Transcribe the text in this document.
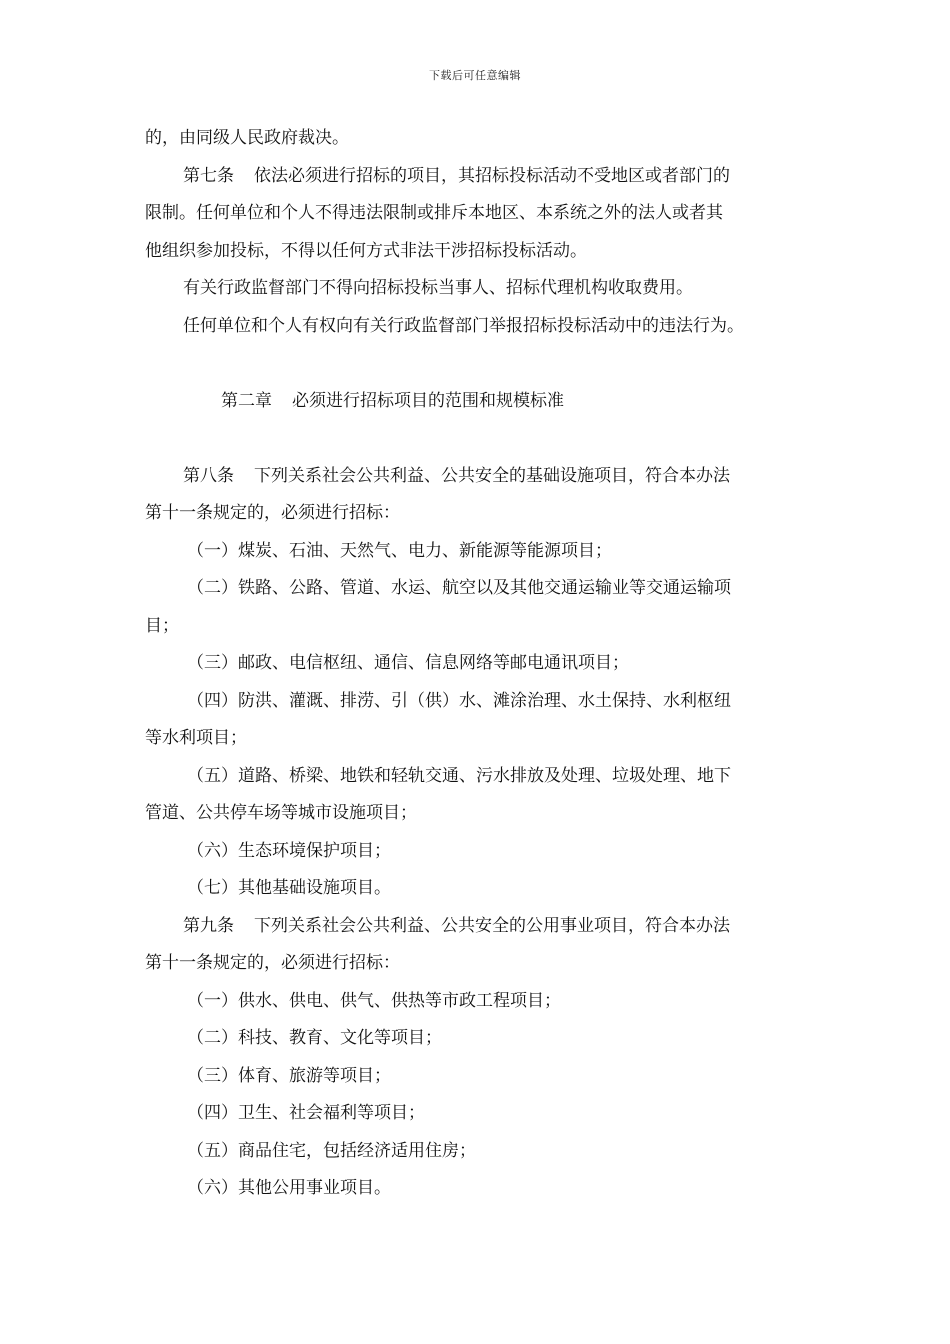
下载后可任意编辑

的，由同级人民政府裁决。

第七条 依法必须进行招标的项目，其招标投标活动不受地区或者部门的
限制。任何单位和个人不得违法限制或排斥本地区、本系统之外的法人或者其
他组织参加投标，不得以任何方式非法干涉招标投标活动。

有关行政监督部门不得向招标投标当事人、招标代理机构收取费用。

任何单位和个人有权向有关行政监督部门举报招标投标活动中的违法行为。

第二章 必须进行招标项目的范围和规模标准

第八条 下列关系社会公共利益、公共安全的基础设施项目，符合本办法
第十一条规定的，必须进行招标：

（一）煤炭、石油、天然气、电力、新能源等能源项目；

（二）铁路、公路、管道、水运、航空以及其他交通运输业等交通运输项
目；

（三）邮政、电信枢纽、通信、信息网络等邮电通讯项目；

（四）防洪、灌溉、排涝、引（供）水、滩涂治理、水土保持、水利枢纽
等水利项目；

（五）道路、桥梁、地铁和轻轨交通、污水排放及处理、垃圾处理、地下
管道、公共停车场等城市设施项目；

（六）生态环境保护项目；

（七）其他基础设施项目。

第九条 下列关系社会公共利益、公共安全的公用事业项目，符合本办法
第十一条规定的，必须进行招标：

（一）供水、供电、供气、供热等市政工程项目；

（二）科技、教育、文化等项目；

（三）体育、旅游等项目；

（四）卫生、社会福利等项目；

（五）商品住宅，包括经济适用住房；

（六）其他公用事业项目。
